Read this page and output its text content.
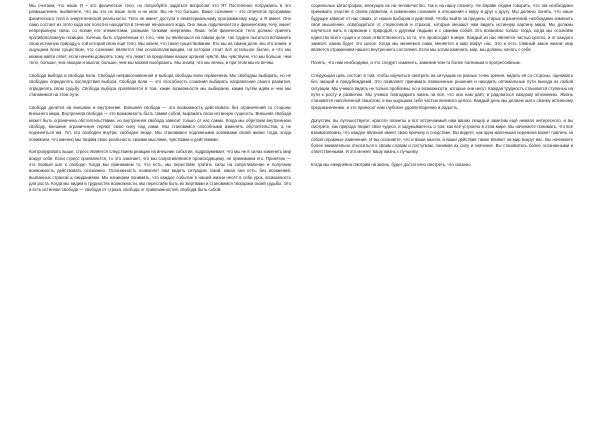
Мы считаем, что наше Я – это физическое тело, но попробуйте задаться вопросом: кто Я? Постепенно погружаясь в это размышление, выявляете, что вы это не ваше тело и не мозг. Вы не что больше. Ваше сознание – это отпечаток программы физического тела в энергетической реальности. Тело не имеет доступа к нематериальному программному коду, а Я имеет. Оно само состоит из этого кода как полотно находится в течение начального кода. Оно лишь подключается к физическому телу, имеет непрерывную связь со всеми его элементами, разными тонкими энергиями. Лишь тебя физическое тело должно принять противоположную позицию. Хочешь быть отделённым от того, чем ты являешься на самом деле, так трудно пытаться вспомнить свою истинную природу, к той которой свою ещё тело. Мы знаем, что такое существование. Кто мы на самом деле, мы это знаем, и ощущаем всем существом, что сознание является тем основополагающим, на котором стоит всё остальное бытие, и что мы можем найти ответ, если начнём доверять тому, что лежит за пределами наших органов чувств. Мы чувствуем, что мы больше, чем тело, больше, чем эмоции и мысли, больше, чем мы можем вообразить. Мы знаем, что мы вечны, и при этом мы не вечны.

Свобода выбора и свобода воли. Свобода неприкосновенная и выбора свободы воли ограничена. Мы свободны выбирать, но не свободны определять последствия выбора. Свобода воли — это способность сознания выбирать направление своего развития, определять свою судьбу. Свобода выбора проявляется в том, какие возможности мы выбираем, каким путём идём и чем мы становимся на этом пути.

Свобода делится на внешние и внутренние. Внешняя свобода — это возможность действовать без ограничений со стороны внешнего мира. Внутренняя свобода — это возможность быть самим собой, выражать свою истинную сущность. Внешняя свобода может быть ограничена обстоятельствами, но внутренняя свобода зависит только от нас самих. Когда мы обретаем внутреннюю свободу, внешние ограничения теряют свою силу над нами. Мы становимся способными изменять обстоятельства, а не подчиняться им. Тот, кто свободен внутри, свободен везде. Мы становимся подлинными хозяевами своей жизни тогда, когда понимаем, что именно мы творим свою реальность своими мыслями, чувствами и действиями.

Контролировать выше: стресс является следствием реакции на внешние события, подразумевает, что мы не в силах изменить мир вокруг себя. Если стресс проявляется, то это означает, что мы сопротивляемся происходящему, не принимаем его. Принятие — это первый шаг к свободе. Когда мы принимаем то, что есть, мы перестаём тратить силы на сопротивление и получаем возможность действовать осознанно. Осознанность позволяет нам видеть ситуацию такой, какая она есть, без искажений, вызванных страхом и ожиданиями. Мы начинаем понимать, что каждое событие в нашей жизни несёт в себе урок, возможность для роста. Когда мы видим в трудностях возможности, мы перестаём быть их жертвами и становимся творцами своей судьбы. Это и есть истинная свобода — свобода от страха, свобода от привязанностей, свобода быть собой.

социальных катастрофах, влекущих их на человечество, так и на нашу планету. Не вправе людям говорить, что: им необходимо принимать участие в своём развитии, в изменении сознания и отношения к миру и друг к другу. Мы должны понять, что наше будущее зависит от нас самих, от наших выборов и действий. Чтобы выйти за пределы старых ограничений, необходимо изменить своё мышление, освободиться от стереотипов и страхов, которые мешают нам видеть истинную картину мира. Мы должны научиться жить в гармонии с природой, с другими людьми и с самими собой. Это возможно только тогда, когда мы осознаём единство всего сущего и свою ответственность за то, что происходит в мире. Каждый из нас является частью целого, и от каждого зависит, каким будет это целое. Когда мы меняемся сами, меняется и мир вокруг нас. Это и есть главный закон жизни: мир является отражением нашего внутреннего состояния. Если мы хотим изменить мир, мы должны начать с себя.

Понять, что нам необходимо, а что следует изменить, заменив чем-то более полезным и прогрессивным.

Следующая цель состоит в том, чтобы научиться смотреть на ситуацию из разных точек зрения, видеть её со стороны, оценивать без эмоций и предубеждений. Это позволяет принимать взвешенные решения и находить оптимальные пути выхода из любой ситуации. Мы учимся видеть не только проблемы, но и возможности, которые они несут. Каждая трудность становится ступенью на пути к росту и развитию. Мы учимся благодарить жизнь за всё, что она нам даёт, и радоваться каждому мгновению. Жизнь становится наполненной смыслом, и мы ощущаем себя частью великого целого. Каждый день мы делаем шаг к своему истинному предназначению, и это приносит нам глубокое удовлетворение и радость.

Допустим, вы путешествуете: красоте планеты и вот встречаемый нам ваших пещер и заметим ещё немало интересного, и вы смотрите, как природа творит свои чудеса, и задумываетесь о том, как всё устроено в этом мире. Вы начинаете понимать, что всё взаимосвязано, что каждое явление имеет свою причину и следствие. Вы видите, как одна маленькая перемена может повлечь за собой огромные изменения. И вы осознаёте, что и ваши мысли, и ваши действия также влияют на мир вокруг вас. Вы начинаете более внимательно относиться к своим словам и поступкам, понимая их силу и значение. Вы становитесь более осознанными и ответственными. И это меняет вашу жизнь к лучшему.

Когда мы ежедневно смотрим на жизнь, будет достаточно смотреть, что сказано.
